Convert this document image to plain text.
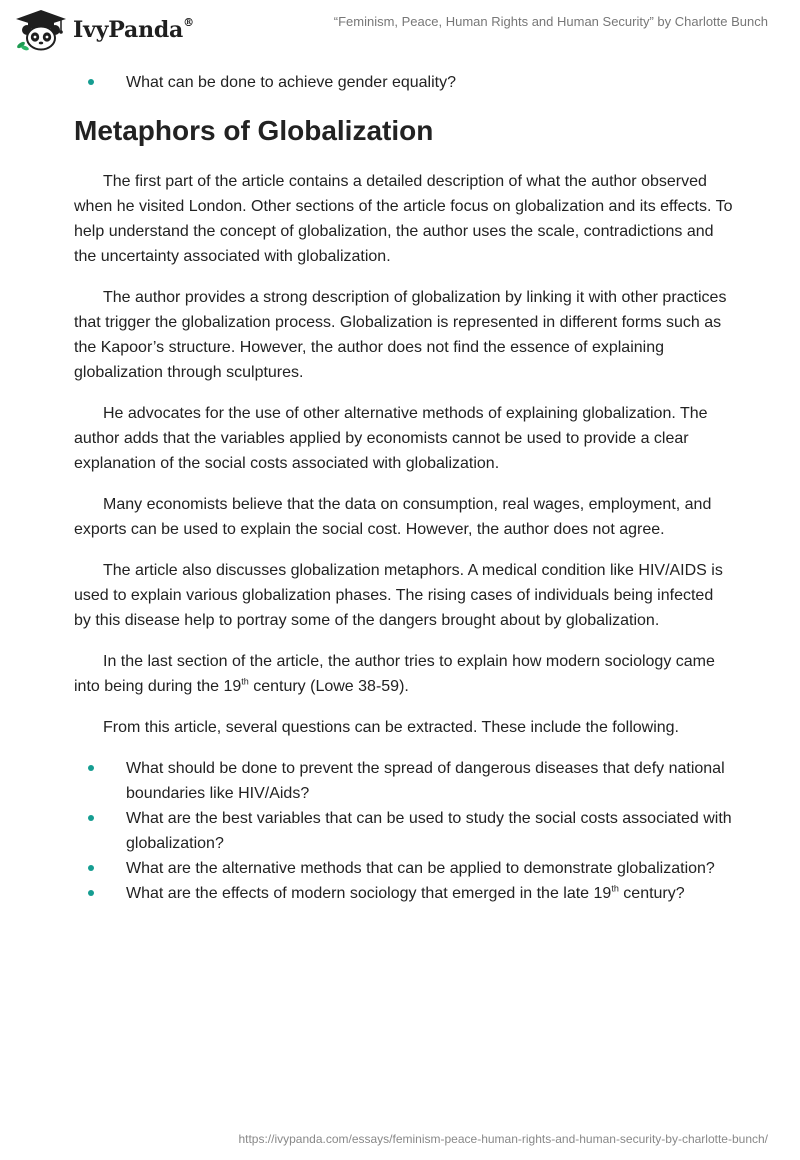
IvyPanda®	“Feminism, Peace, Human Rights and Human Security” by Charlotte Bunch
What can be done to achieve gender equality?
Metaphors of Globalization

The first part of the article contains a detailed description of what the author observed when he visited London. Other sections of the article focus on globalization and its effects. To help understand the concept of globalization, the author uses the scale, contradictions and the uncertainty associated with globalization.

The author provides a strong description of globalization by linking it with other practices that trigger the globalization process. Globalization is represented in different forms such as the Kapoor’s structure. However, the author does not find the essence of explaining globalization through sculptures.

He advocates for the use of other alternative methods of explaining globalization. The author adds that the variables applied by economists cannot be used to provide a clear explanation of the social costs associated with globalization.

Many economists believe that the data on consumption, real wages, employment, and exports can be used to explain the social cost. However, the author does not agree.

The article also discusses globalization metaphors. A medical condition like HIV/AIDS is used to explain various globalization phases. The rising cases of individuals being infected by this disease help to portray some of the dangers brought about by globalization.

In the last section of the article, the author tries to explain how modern sociology came into being during the 19th century (Lowe 38-59).

From this article, several questions can be extracted. These include the following.

What should be done to prevent the spread of dangerous diseases that defy national boundaries like HIV/Aids?
What are the best variables that can be used to study the social costs associated with globalization?
What are the alternative methods that can be applied to demonstrate globalization?
What are the effects of modern sociology that emerged in the late 19th century?
https://ivypanda.com/essays/feminism-peace-human-rights-and-human-security-by-charlotte-bunch/
